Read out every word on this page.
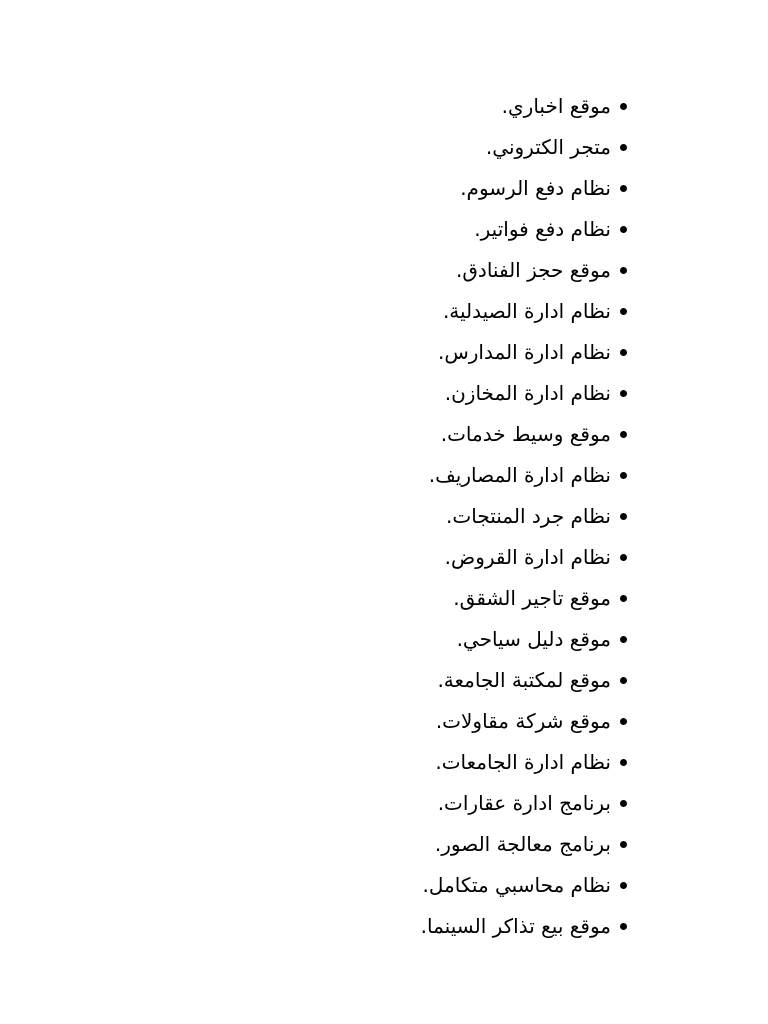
موقع اخباري.
متجر الكتروني.
نظام دفع الرسوم.
نظام دفع فواتير.
موقع حجز الفنادق.
نظام ادارة الصيدلية.
نظام ادارة المدارس.
نظام ادارة المخازن.
موقع وسيط خدمات.
نظام ادارة المصاريف.
نظام جرد المنتجات.
نظام ادارة القروض.
موقع تاجير الشقق.
موقع دليل سياحي.
موقع لمكتبة الجامعة.
موقع شركة مقاولات.
نظام ادارة الجامعات.
برنامج ادارة عقارات.
برنامج معالجة الصور.
نظام محاسبي متكامل.
موقع بيع تذاكر السينما.
